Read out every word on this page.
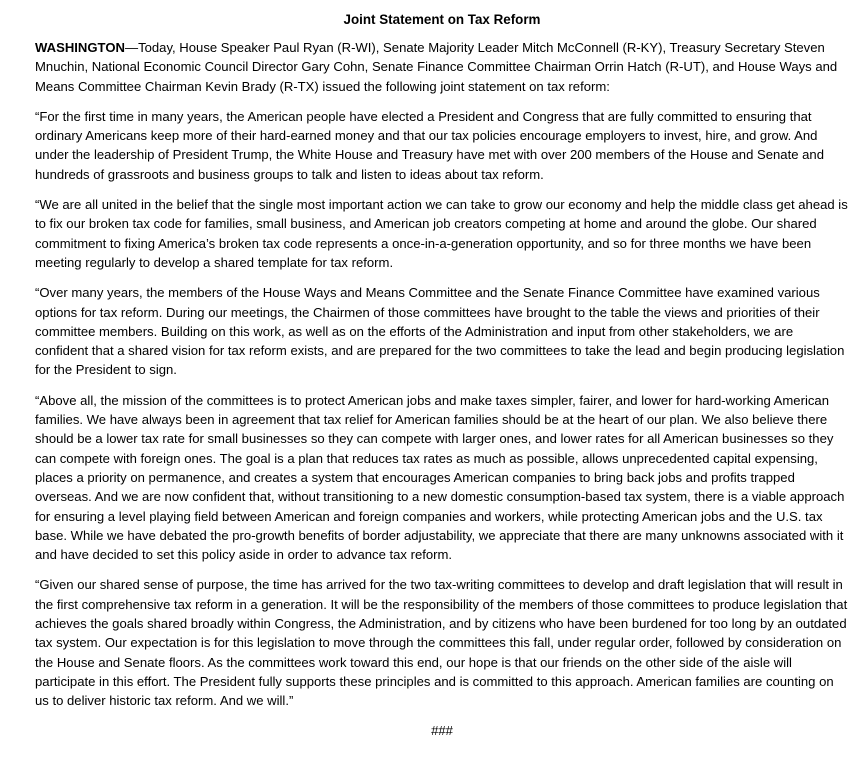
Joint Statement on Tax Reform
WASHINGTON—Today, House Speaker Paul Ryan (R-WI), Senate Majority Leader Mitch McConnell (R-KY), Treasury Secretary Steven Mnuchin, National Economic Council Director Gary Cohn, Senate Finance Committee Chairman Orrin Hatch (R-UT), and House Ways and Means Committee Chairman Kevin Brady (R-TX) issued the following joint statement on tax reform:
“For the first time in many years, the American people have elected a President and Congress that are fully committed to ensuring that ordinary Americans keep more of their hard-earned money and that our tax policies encourage employers to invest, hire, and grow. And under the leadership of President Trump, the White House and Treasury have met with over 200 members of the House and Senate and hundreds of grassroots and business groups to talk and listen to ideas about tax reform.
“We are all united in the belief that the single most important action we can take to grow our economy and help the middle class get ahead is to fix our broken tax code for families, small business, and American job creators competing at home and around the globe. Our shared commitment to fixing America’s broken tax code represents a once-in-a-generation opportunity, and so for three months we have been meeting regularly to develop a shared template for tax reform.
“Over many years, the members of the House Ways and Means Committee and the Senate Finance Committee have examined various options for tax reform. During our meetings, the Chairmen of those committees have brought to the table the views and priorities of their committee members. Building on this work, as well as on the efforts of the Administration and input from other stakeholders, we are confident that a shared vision for tax reform exists, and are prepared for the two committees to take the lead and begin producing legislation for the President to sign.
“Above all, the mission of the committees is to protect American jobs and make taxes simpler, fairer, and lower for hard-working American families. We have always been in agreement that tax relief for American families should be at the heart of our plan. We also believe there should be a lower tax rate for small businesses so they can compete with larger ones, and lower rates for all American businesses so they can compete with foreign ones. The goal is a plan that reduces tax rates as much as possible, allows unprecedented capital expensing, places a priority on permanence, and creates a system that encourages American companies to bring back jobs and profits trapped overseas. And we are now confident that, without transitioning to a new domestic consumption-based tax system, there is a viable approach for ensuring a level playing field between American and foreign companies and workers, while protecting American jobs and the U.S. tax base. While we have debated the pro-growth benefits of border adjustability, we appreciate that there are many unknowns associated with it and have decided to set this policy aside in order to advance tax reform.
“Given our shared sense of purpose, the time has arrived for the two tax-writing committees to develop and draft legislation that will result in the first comprehensive tax reform in a generation. It will be the responsibility of the members of those committees to produce legislation that achieves the goals shared broadly within Congress, the Administration, and by citizens who have been burdened for too long by an outdated tax system. Our expectation is for this legislation to move through the committees this fall, under regular order, followed by consideration on the House and Senate floors. As the committees work toward this end, our hope is that our friends on the other side of the aisle will participate in this effort. The President fully supports these principles and is committed to this approach. American families are counting on us to deliver historic tax reform. And we will.”
###
